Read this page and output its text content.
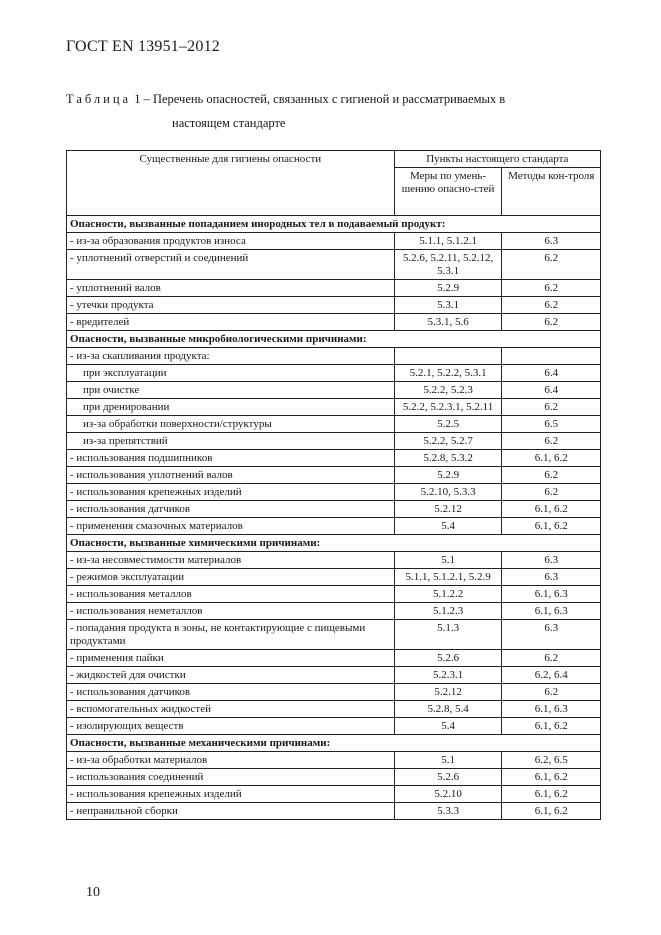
ГОСТ EN 13951–2012
Таблица 1 – Перечень опасностей, связанных с гигиеной и рассматриваемых в
настоящем стандарте
Существенные для гигиены опасности	Пункты настоящего стандарта	
	Меры по умень-шению опасно-стей	Методы кон-троля
Опасности, вызванные попаданием инородных тел в подаваемый продукт:		
- из-за образования продуктов износа	5.1.1, 5.1.2.1	6.3
- уплотнений отверстий и соединений	5.2.6, 5.2.11, 5.2.12, 5.3.1	6.2
- уплотнений валов	5.2.9	6.2
- утечки продукта	5.3.1	6.2
- вредителей	5.3.1, 5.6	6.2
Опасности, вызванные микробиологическими причинами:		
- из-за скапливания продукта:		
при эксплуатации	5.2.1, 5.2.2, 5.3.1	6.4
при очистке	5.2.2, 5.2.3	6.4
при дренировании	5.2.2, 5.2.3.1, 5.2.11	6.2
из-за обработки поверхности/структуры	5.2.5	6.5
из-за препятствий	5.2.2, 5.2.7	6.2
- использования подшипников	5.2.8, 5.3.2	6.1, 6.2
- использования уплотнений валов	5.2.9	6.2
- использования крепежных изделий	5.2.10, 5.3.3	6.2
- использования датчиков	5.2.12	6.1, 6.2
- применения смазочных материалов	5.4	6.1, 6.2
Опасности, вызванные химическими причинами:		
- из-за несовместимости материалов	5.1	6.3
- режимов эксплуатации	5.1.1, 5.1.2.1, 5.2.9	6.3
- использования металлов	5.1.2.2	6.1, 6.3
- использования неметаллов	5.1.2.3	6.1, 6.3
- попадания продукта в зоны, не контактирующие с пищевыми продуктами	5.1.3	6.3
- применения пайки	5.2.6	6.2
- жидкостей для очистки	5.2.3.1	6.2, 6.4
- использования датчиков	5.2.12	6.2
- вспомогательных жидкостей	5.2.8, 5.4	6.1, 6.3
- изолирующих веществ	5.4	6.1, 6.2
Опасности, вызванные механическими причинами:		
- из-за обработки материалов	5.1	6.2, 6.5
- использования соединений	5.2.6	6.1, 6.2
- использования крепежных изделий	5.2.10	6.1, 6.2
- неправильной сборки	5.3.3	6.1, 6.2
10
